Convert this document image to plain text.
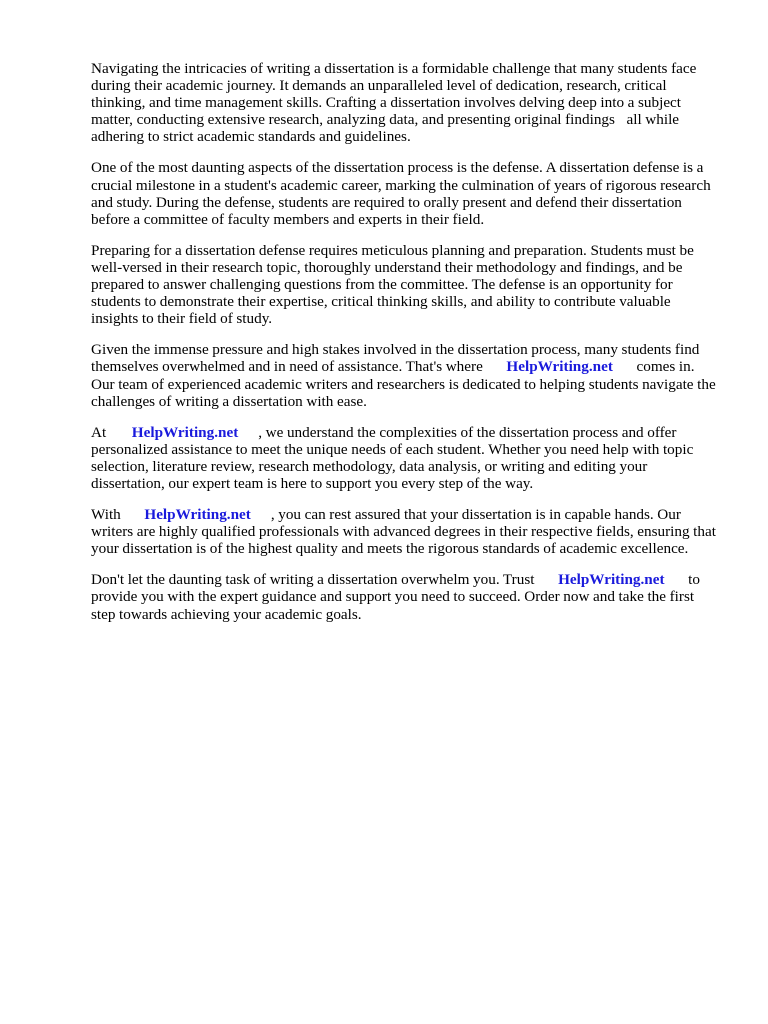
Navigating the intricacies of writing a dissertation is a formidable challenge that many students face during their academic journey. It demands an unparalleled level of dedication, research, critical thinking, and time management skills. Crafting a dissertation involves delving deep into a subject matter, conducting extensive research, analyzing data, and presenting original findings all while adhering to strict academic standards and guidelines.

One of the most daunting aspects of the dissertation process is the defense. A dissertation defense is a crucial milestone in a student's academic career, marking the culmination of years of rigorous research and study. During the defense, students are required to orally present and defend their dissertation before a committee of faculty members and experts in their field.

Preparing for a dissertation defense requires meticulous planning and preparation. Students must be well-versed in their research topic, thoroughly understand their methodology and findings, and be prepared to answer challenging questions from the committee. The defense is an opportunity for students to demonstrate their expertise, critical thinking skills, and ability to contribute valuable insights to their field of study.

Given the immense pressure and high stakes involved in the dissertation process, many students find themselves overwhelmed and in need of assistance. That's where HelpWriting.net comes in. Our team of experienced academic writers and researchers is dedicated to helping students navigate the challenges of writing a dissertation with ease.

At HelpWriting.net , we understand the complexities of the dissertation process and offer personalized assistance to meet the unique needs of each student. Whether you need help with topic selection, literature review, research methodology, data analysis, or writing and editing your dissertation, our expert team is here to support you every step of the way.

With HelpWriting.net , you can rest assured that your dissertation is in capable hands. Our writers are highly qualified professionals with advanced degrees in their respective fields, ensuring that your dissertation is of the highest quality and meets the rigorous standards of academic excellence.

Don't let the daunting task of writing a dissertation overwhelm you. Trust HelpWriting.net to provide you with the expert guidance and support you need to succeed. Order now and take the first step towards achieving your academic goals.
